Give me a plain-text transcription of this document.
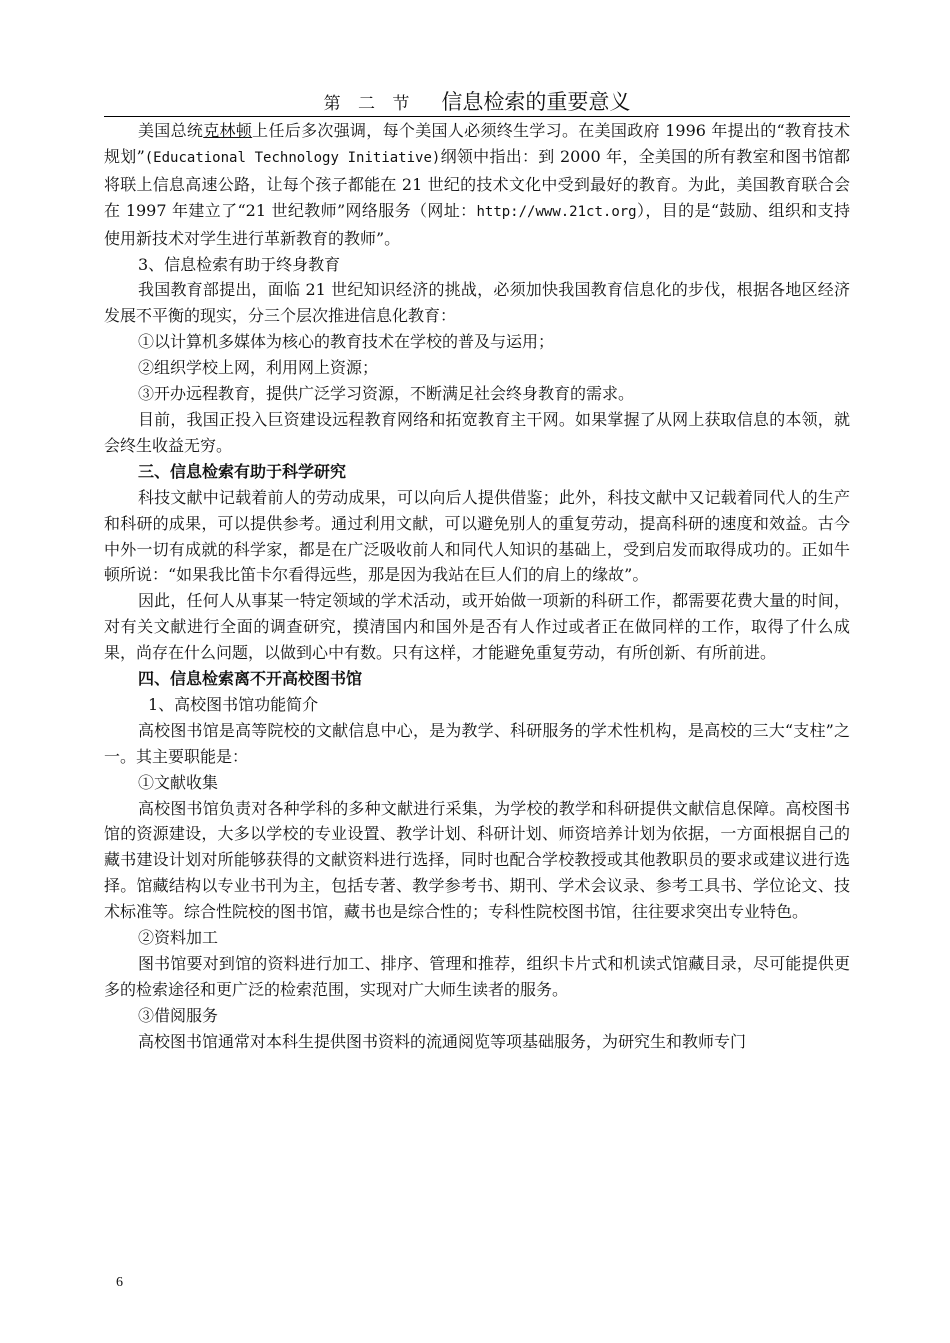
第 二 节 信息检索的重要意义

美国总统克林顿上任后多次强调，每个美国人必须终生学习。在美国政府 1996 年提出的“教育技术规划”(Educational Technology Initiative)纲领中指出：到 2000 年，全美国的所有教室和图书馆都将联上信息高速公路，让每个孩子都能在 21 世纪的技术文化中受到最好的教育。为此，美国教育联合会在 1997 年建立了“21 世纪教师”网络服务（网址：http://www.21ct.org），目的是“鼓励、组织和支持使用新技术对学生进行革新教育的教师”。

3、信息检索有助于终身教育

我国教育部提出，面临 21 世纪知识经济的挑战，必须加快我国教育信息化的步伐，根据各地区经济发展不平衡的现实，分三个层次推进信息化教育：

①以计算机多媒体为核心的教育技术在学校的普及与运用；

②组织学校上网，利用网上资源；

③开办远程教育，提供广泛学习资源，不断满足社会终身教育的需求。

目前，我国正投入巨资建设远程教育网络和拓宽教育主干网。如果掌握了从网上获取信息的本领，就会终生收益无穷。

三、信息检索有助于科学研究

科技文献中记载着前人的劳动成果，可以向后人提供借鉴；此外，科技文献中又记载着同代人的生产和科研的成果，可以提供参考。通过利用文献，可以避免别人的重复劳动，提高科研的速度和效益。古今中外一切有成就的科学家，都是在广泛吸收前人和同代人知识的基础上，受到启发而取得成功的。正如牛顿所说：“如果我比笛卡尔看得远些，那是因为我站在巨人们的肩上的缘故”。

因此，任何人从事某一特定领域的学术活动，或开始做一项新的科研工作，都需要花费大量的时间，对有关文献进行全面的调查研究，摸清国内和国外是否有人作过或者正在做同样的工作，取得了什么成果，尚存在什么问题，以做到心中有数。只有这样，才能避免重复劳动，有所创新、有所前进。

四、信息检索离不开高校图书馆

1、高校图书馆功能简介

高校图书馆是高等院校的文献信息中心，是为教学、科研服务的学术性机构，是高校的三大“支柱”之一。其主要职能是：

①文献收集

高校图书馆负责对各种学科的多种文献进行采集，为学校的教学和科研提供文献信息保障。高校图书馆的资源建设，大多以学校的专业设置、教学计划、科研计划、师资培养计划为依据，一方面根据自己的藏书建设计划对所能够获得的文献资料进行选择，同时也配合学校教授或其他教职员的要求或建议进行选择。馆藏结构以专业书刊为主，包括专著、教学参考书、期刊、学术会议录、参考工具书、学位论文、技术标准等。综合性院校的图书馆，藏书也是综合性的；专科性院校图书馆，往往要求突出专业特色。

②资料加工

图书馆要对到馆的资料进行加工、排序、管理和推荐，组织卡片式和机读式馆藏目录，尽可能提供更多的检索途径和更广泛的检索范围，实现对广大师生读者的服务。

③借阅服务

高校图书馆通常对本科生提供图书资料的流通阅览等项基础服务，为研究生和教师专门

6
